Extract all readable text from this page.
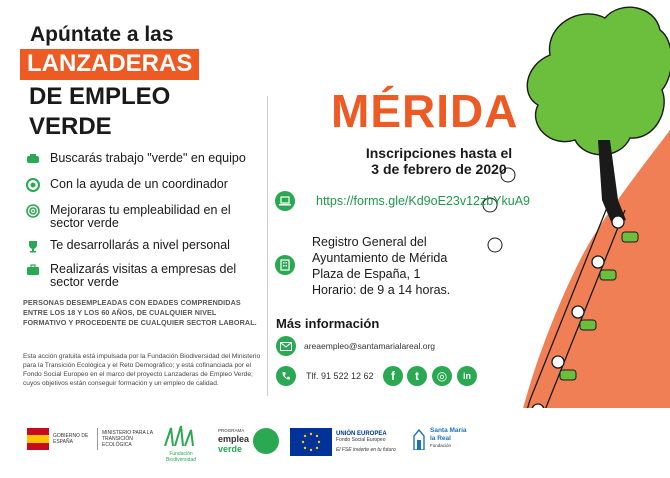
Apúntate a las
LANZADERAS
DE EMPLEO
VERDE
Buscarás trabajo "verde" en equipo
Con la ayuda de un coordinador
Mejoraras tu empleabilidad en el sector verde
Te desarrollarás a nivel personal
Realizarás visitas a empresas del sector verde
PERSONAS DESEMPLEADAS CON EDADES COMPRENDIDAS ENTRE LOS 18 Y LOS 60 AÑOS, DE CUALQUIER NIVEL FORMATIVO Y PROCEDENTE DE CUALQUIER SECTOR LABORAL.
Esta acción gratuita está impulsada por la Fundación Biodiversidad del Ministerio para la Transición Ecológica y el Reto Demográfico; y está cofinanciada por el Fondo Social Europeo en el marco del proyecto Lanzaderas de Empleo Verde; cuyos objetivos están conseguir formación y un empleo de calidad.
MÉRIDA
Inscripciones hasta el
3 de febrero de 2020
https://forms.gle/Kd9oE23v12zbYkuA9
Registro General del
Ayuntamiento de Mérida
Plaza de España, 1
Horario: de 9 a 14 horas.
Más información
areaempleo@santamarialareal.org
Tlf. 91 522 12 62	f	t	◎	in
GOBIERNO DE ESPAÑA
MINISTERIO PARA LA TRANSICIÓN ECOLÓGICA
Fundación Biodiversidad
PROGRAMA
emplea
verde
UNIÓN EUROPEA
Fondo Social Europeo
El FSE invierte en tu futuro
Santa María
la Real
Fundación
